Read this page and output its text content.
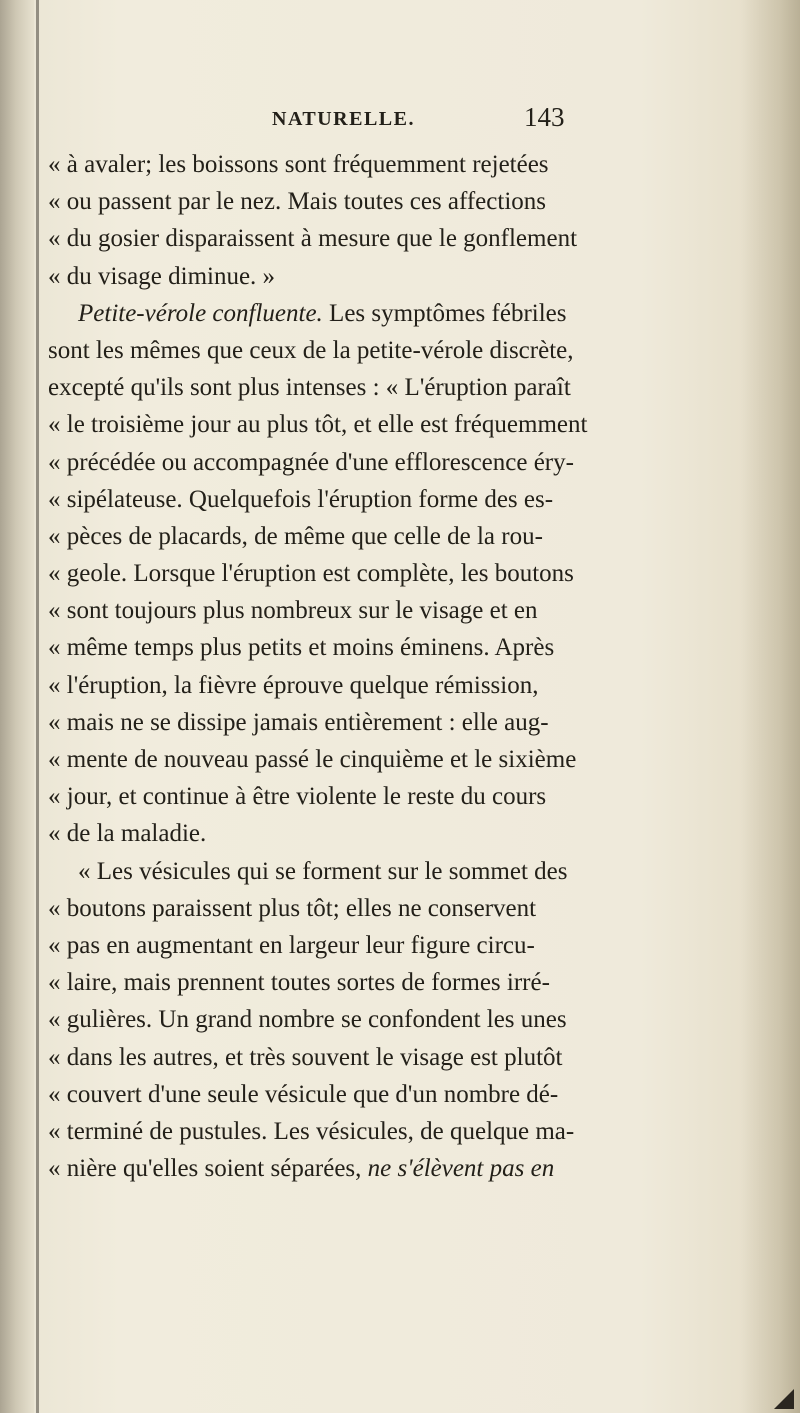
NATURELLE.	143
« à avaler; les boissons sont fréquemment rejetées
« ou passent par le nez. Mais toutes ces affections
« du gosier disparaissent à mesure que le gonflement
« du visage diminue. »
Petite-vérole confluente. Les symptômes fébriles
sont les mêmes que ceux de la petite-vérole discrète,
excepté qu'ils sont plus intenses : « L'éruption paraît
« le troisième jour au plus tôt, et elle est fréquemment
« précédée ou accompagnée d'une efflorescence éry-
« sipélateuse. Quelquefois l'éruption forme des es-
« pèces de placards, de même que celle de la rou-
« geole. Lorsque l'éruption est complète, les boutons
« sont toujours plus nombreux sur le visage et en
« même temps plus petits et moins éminens. Après
« l'éruption, la fièvre éprouve quelque rémission,
« mais ne se dissipe jamais entièrement : elle aug-
« mente de nouveau passé le cinquième et le sixième
« jour, et continue à être violente le reste du cours
« de la maladie.
« Les vésicules qui se forment sur le sommet des
« boutons paraissent plus tôt; elles ne conservent
« pas en augmentant en largeur leur figure circu-
« laire, mais prennent toutes sortes de formes irré-
« gulières. Un grand nombre se confondent les unes
« dans les autres, et très souvent le visage est plutôt
« couvert d'une seule vésicule que d'un nombre dé-
« terminé de pustules. Les vésicules, de quelque ma-
« nière qu'elles soient séparées, ne s'élèvent pas en
